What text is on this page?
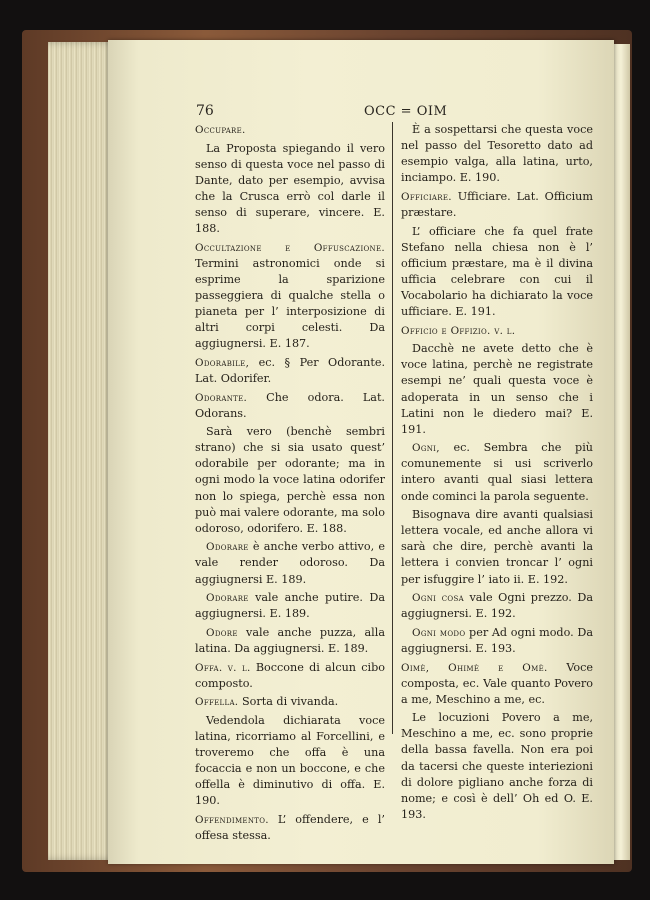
76	OCC = OIM

Occupare.

La Proposta spiegando il vero senso di questa voce nel passo di Dante, dato per esempio, avvisa che la Crusca errò col darle il senso di superare, vincere. E. 188.

Occultazione e Offuscazione. Termini astronomici onde si esprime la sparizione passeggiera di qualche stella o pianeta per l’ interposizione di altri corpi celesti. Da aggiugnersi. E. 187.

Odorabile, ec. § Per Odorante. Lat. Odorifer.

Odorante. Che odora. Lat. Odorans.

Sarà vero (benchè sembri strano) che si sia usato quest’ odorabile per odorante; ma in ogni modo la voce latina odorifer non lo spiega, perchè essa non può mai valere odorante, ma solo odoroso, odorifero. E. 188.

Odorare è anche verbo attivo, e vale render odoroso. Da aggiugnersi E. 189.

Odorare vale anche putire. Da aggiugnersi. E. 189.

Odore vale anche puzza, alla latina. Da aggiugnersi. E. 189.

Offa. v. l. Boccone di alcun cibo composto.

Offella. Sorta di vivanda.

Vedendola dichiarata voce latina, ricorriamo al Forcellini, e troveremo che offa è una focaccia e non un boccone, e che offella è diminutivo di offa. E. 190.

Offendimento. L’ offendere, e l’ offesa stessa.

È a sospettarsi che questa voce nel passo del Tesoretto dato ad esempio valga, alla latina, urto, inciampo. E. 190.

Officiare. Ufficiare. Lat. Officium præstare.

L’ officiare che fa quel frate Stefano nella chiesa non è l’ officium præstare, ma è il divina ufficia celebrare con cui il Vocabolario ha dichiarato la voce ufficiare. E. 191.

Officio e Offizio. v. l.

Dacchè ne avete detto che è voce latina, perchè ne registrate esempi ne’ quali questa voce è adoperata in un senso che i Latini non le diedero mai? E. 191.

Ogni, ec. Sembra che più comunemente si usi scriverlo intero avanti qual siasi lettera onde cominci la parola seguente.

Bisognava dire avanti qualsiasi lettera vocale, ed anche allora vi sarà che dire, perchè avanti la lettera i convien troncar l’ ogni per isfuggire l’ iato ii. E. 192.

Ogni cosa vale Ogni prezzo. Da aggiugnersi. E. 192.

Ogni modo per Ad ogni modo. Da aggiugnersi. E. 193.

Oimè, Ohimè e Omè. Voce composta, ec. Vale quanto Povero a me, Meschino a me, ec.

Le locuzioni Povero a me, Meschino a me, ec. sono proprie della bassa favella. Non era poi da tacersi che queste interiezioni di dolore pigliano anche forza di nome; e così è dell’ Oh ed O. E. 193.
